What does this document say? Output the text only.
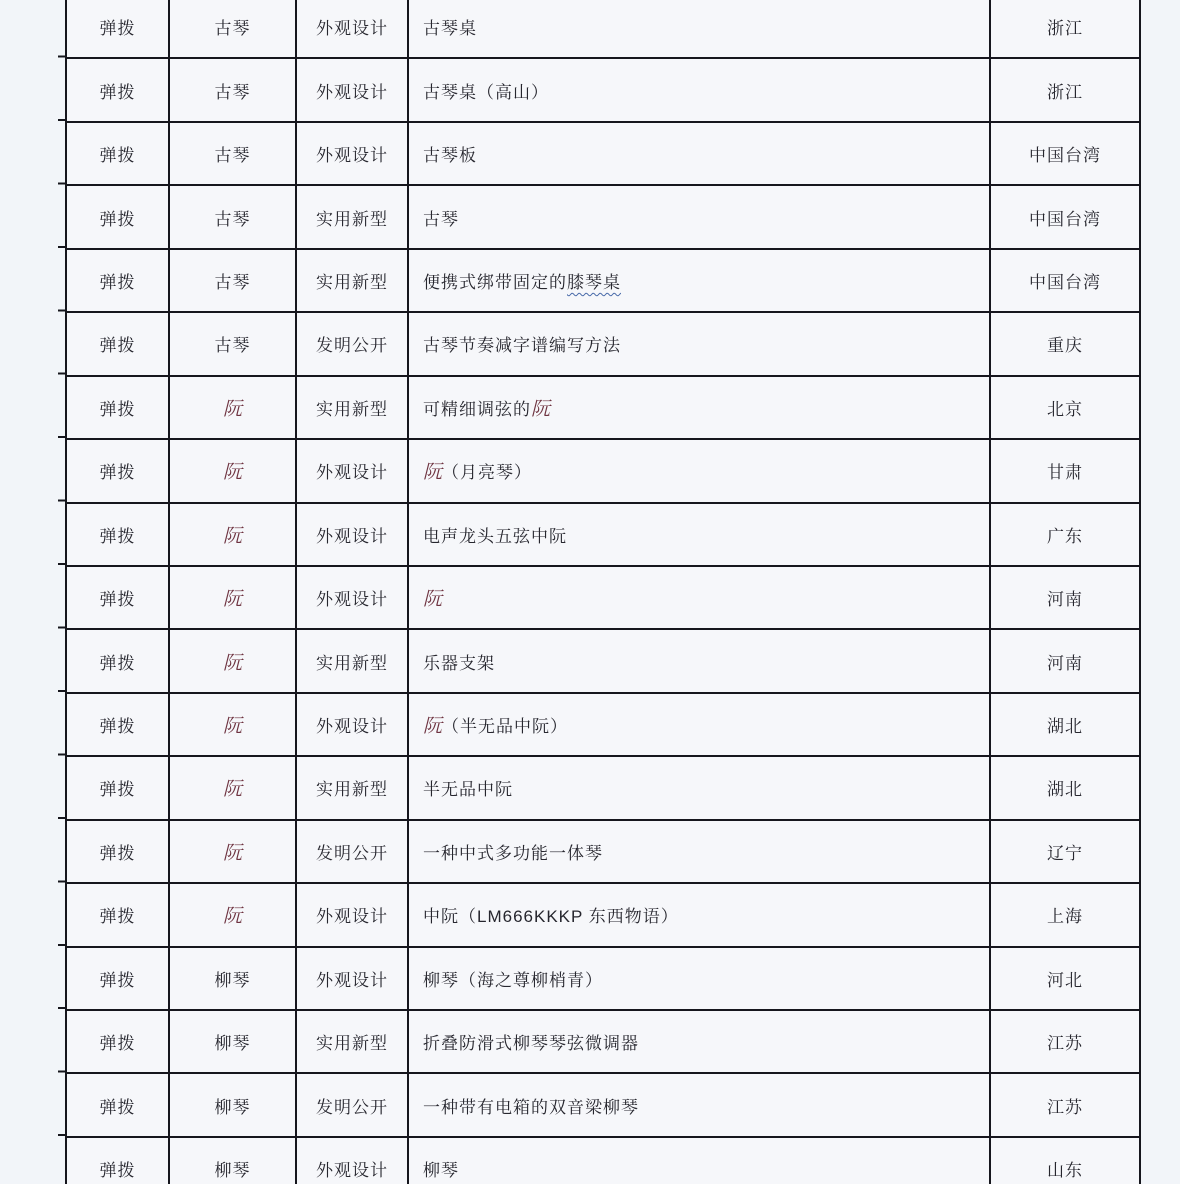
弹拨	古琴	外观设计	古琴桌	浙江
弹拨	古琴	外观设计	古琴桌（高山）	浙江
弹拨	古琴	外观设计	古琴板	中国台湾
弹拨	古琴	实用新型	古琴	中国台湾
弹拨	古琴	实用新型	便携式绑带固定的膝琴桌	中国台湾
弹拨	古琴	发明公开	古琴节奏减字谱编写方法	重庆
弹拨	阮	实用新型	可精细调弦的阮	北京
弹拨	阮	外观设计	阮（月亮琴）	甘肃
弹拨	阮	外观设计	电声龙头五弦中阮	广东
弹拨	阮	外观设计	阮	河南
弹拨	阮	实用新型	乐器支架	河南
弹拨	阮	外观设计	阮（半无品中阮）	湖北
弹拨	阮	实用新型	半无品中阮	湖北
弹拨	阮	发明公开	一种中式多功能一体琴	辽宁
弹拨	阮	外观设计	中阮（LM666KKKP 东西物语）	上海
弹拨	柳琴	外观设计	柳琴（海之尊柳梢青）	河北
弹拨	柳琴	实用新型	折叠防滑式柳琴琴弦微调器	江苏
弹拨	柳琴	发明公开	一种带有电箱的双音梁柳琴	江苏
弹拨	柳琴	外观设计	柳琴	山东
